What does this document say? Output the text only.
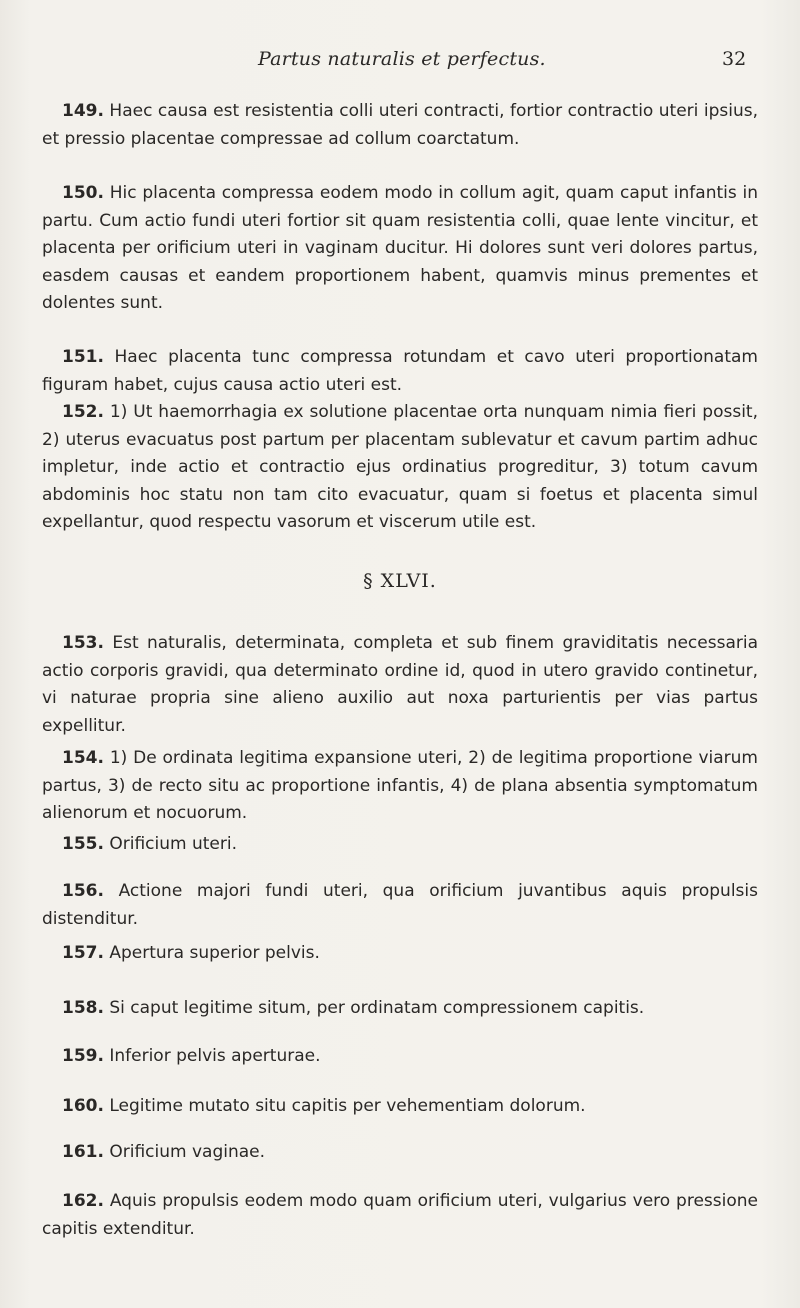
Partus naturalis et perfectus.	32
149. Haec causa est resistentia colli uteri contracti, fortior contractio uteri ipsius, et pressio placentae compressae ad collum coarctatum.
150. Hic placenta compressa eodem modo in collum agit, quam caput infantis in partu. Cum actio fundi uteri fortior sit quam resistentia colli, quae lente vincitur, et placenta per orificium uteri in vaginam ducitur. Hi dolores sunt veri dolores partus, easdem causas et eandem proportionem habent, quamvis minus prementes et dolentes sunt.
151. Haec placenta tunc compressa rotundam et cavo uteri proportionatam figuram habet, cujus causa actio uteri est.
152. 1) Ut haemorrhagia ex solutione placentae orta nunquam nimia fieri possit, 2) uterus evacuatus post partum per placentam sublevatur et cavum partim adhuc impletur, inde actio et contractio ejus ordinatius progreditur, 3) totum cavum abdominis hoc statu non tam cito evacuatur, quam si foetus et placenta simul expellantur, quod respectu vasorum et viscerum utile est.
§ XLVI.
153. Est naturalis, determinata, completa et sub finem graviditatis necessaria actio corporis gravidi, qua determinato ordine id, quod in utero gravido continetur, vi naturae propria sine alieno auxilio aut noxa parturientis per vias partus expellitur.
154. 1) De ordinata legitima expansione uteri, 2) de legitima proportione viarum partus, 3) de recto situ ac proportione infantis, 4) de plana absentia symptomatum alienorum et nocuorum.
155. Orificium uteri.
156. Actione majori fundi uteri, qua orificium juvantibus aquis propulsis distenditur.
157. Apertura superior pelvis.
158. Si caput legitime situm, per ordinatam compressionem capitis.
159. Inferior pelvis aperturae.
160. Legitime mutato situ capitis per vehementiam dolorum.
161. Orificium vaginae.
162. Aquis propulsis eodem modo quam orificium uteri, vulgarius vero pressione capitis extenditur.
